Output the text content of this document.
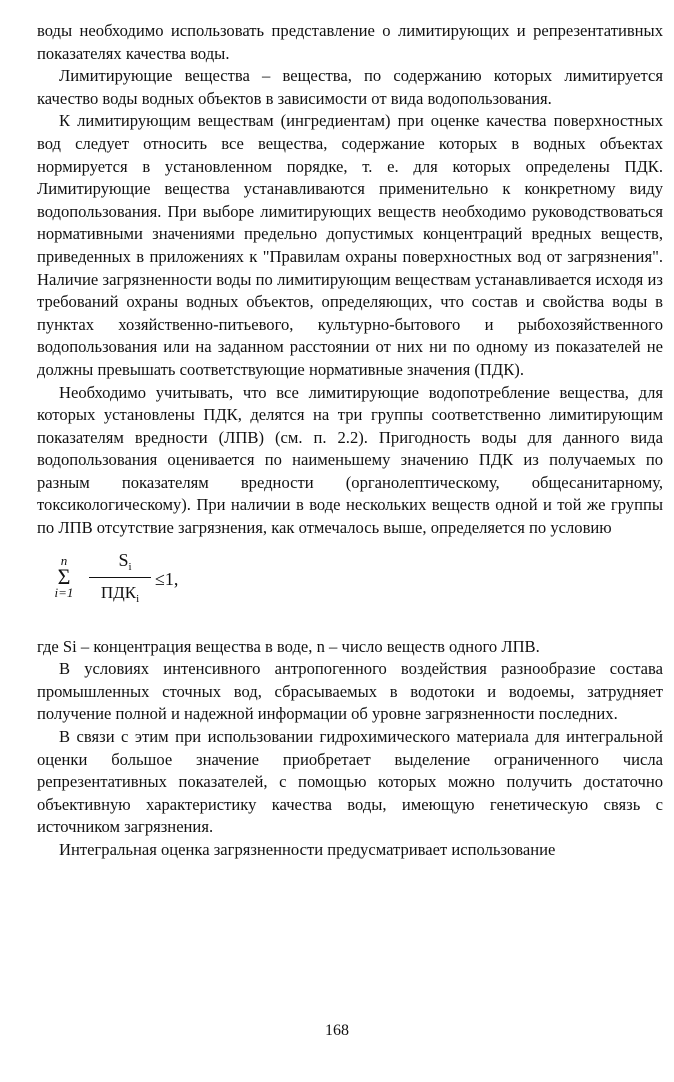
воды необходимо использовать представление о лимитирующих и репрезентативных показателях качества воды.

Лимитирующие вещества – вещества, по содержанию которых лимитируется качество воды водных объектов в зависимости от вида водопользования.

К лимитирующим веществам (ингредиентам) при оценке качества поверхностных вод следует относить все вещества, содержание которых в водных объектах нормируется в установленном порядке, т. е. для которых определены ПДК. Лимитирующие вещества устанавливаются применительно к конкретному виду водопользования. При выборе лимитирующих веществ необходимо руководствоваться нормативными значениями предельно допустимых концентраций вредных веществ, приведенных в приложениях к "Правилам охраны поверхностных вод от загрязнения". Наличие загрязненности воды по лимитирующим веществам устанавливается исходя из требований охраны водных объектов, определяющих, что состав и свойства воды в пунктах хозяйственно-питьевого, культурно-бытового и рыбохозяйственного водопользования или на заданном расстоянии от них ни по одному из показателей не должны превышать соответствующие нормативные значения (ПДК).

Необходимо учитывать, что все лимитирующие водопотребление вещества, для которых установлены ПДК, делятся на три группы соответственно лимитирующим показателям вредности (ЛПВ) (см. п. 2.2). Пригодность воды для данного вида водопользования оценивается по наименьшему значению ПДК из получаемых по разным показателям вредности (органолептическому, общесанитарному, токсикологическому). При наличии в воде нескольких веществ одной и той же группы по ЛПВ отсутствие загрязнения, как отмечалось выше, определяется по условию

n
Σ
i=1
$S_i$
$ПДК_i$
≤1,

где Sі – концентрация вещества в воде, n – число веществ одного ЛПВ.

В условиях интенсивного антропогенного воздействия разнообразие состава промышленных сточных вод, сбрасываемых в водотоки и водоемы, затрудняет получение полной и надежной информации об уровне загрязненности последних.

В связи с этим при использовании гидрохимического материала для интегральной оценки большое значение приобретает выделение ограниченного числа репрезентативных показателей, с помощью которых можно получить достаточно объективную характеристику качества воды, имеющую генетическую связь с источником загрязнения.

Интегральная оценка загрязненности предусматривает использование

168
